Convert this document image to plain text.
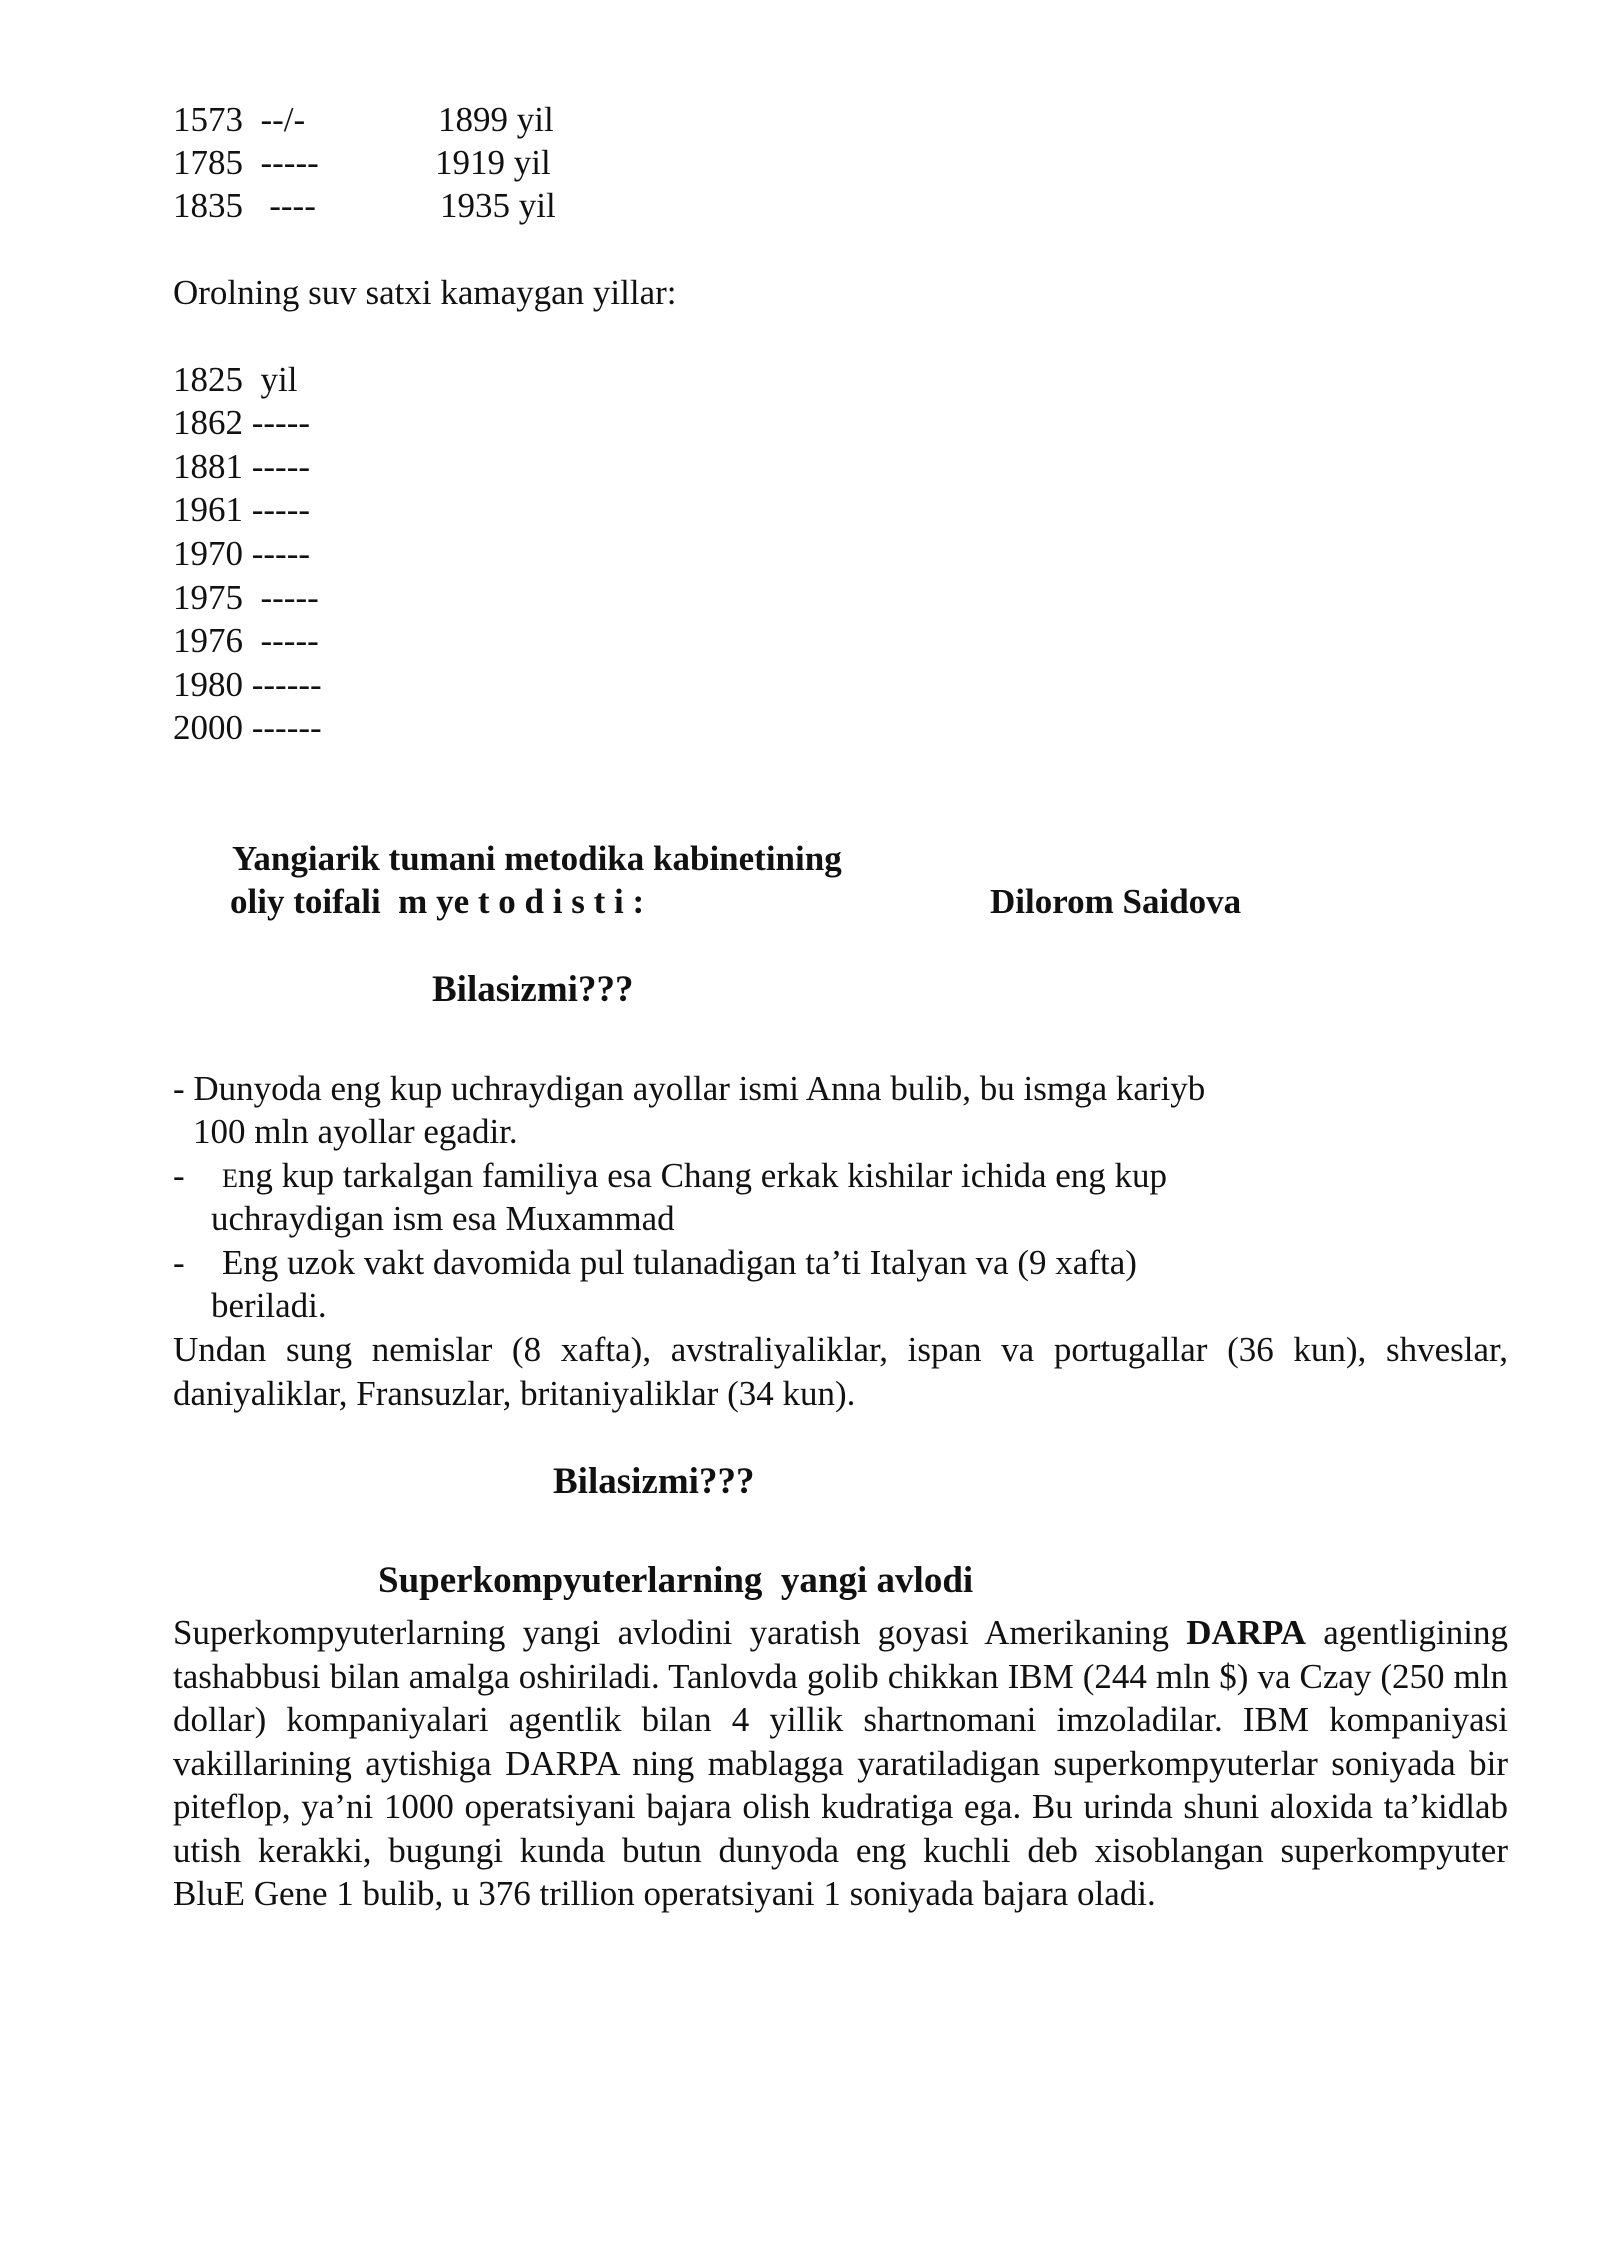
1573  --/-	1899 yil
1785  -----	1919 yil
1835   ----	1935 yil
Orolning suv satxi kamaygan yillar:
1825  yil
1862 -----
1881 -----
1961 -----
1970 -----
1975  -----
1976  -----
1980 ------
2000 ------
Yangiarik tumani metodika kabinetining
oliy toifali  m ye t o d i s t i :	Dilorom Saidova
Bilasizmi???
- Dunyoda eng kup uchraydigan ayollar ismi Anna bulib, bu ismga kariyb
100 mln ayollar egadir.
- Eng kup tarkalgan familiya esa Chang erkak kishilar ichida eng kup
uchraydigan ism esa Muxammad
- Eng uzok vakt davomida pul tulanadigan ta’ti Italyan va (9 xafta)
beriladi.
Undan sung nemislar (8 xafta), avstraliyaliklar, ispan va portugallar (36 kun), shveslar, daniyaliklar, Fransuzlar, britaniyaliklar (34 kun).
Bilasizmi???
Superkompyuterlarning  yangi avlodi
Superkompyuterlarning yangi avlodini yaratish goyasi Amerikaning DARPA agentligining tashabbusi bilan amalga oshiriladi. Tanlovda golib chikkan IBM (244 mln $) va Czay (250 mln dollar) kompaniyalari agentlik bilan 4 yillik shartnomani imzoladilar. IBM kompaniyasi vakillarining aytishiga DARPA ning mablagga yaratiladigan superkompyuterlar soniyada bir piteflop, ya’ni 1000 operatsiyani bajara olish kudratiga ega. Bu urinda shuni aloxida ta’kidlab utish kerakki, bugungi kunda butun dunyoda eng kuchli deb xisoblangan superkompyuter BluE Gene 1 bulib, u 376 trillion operatsiyani 1 soniyada bajara oladi.
